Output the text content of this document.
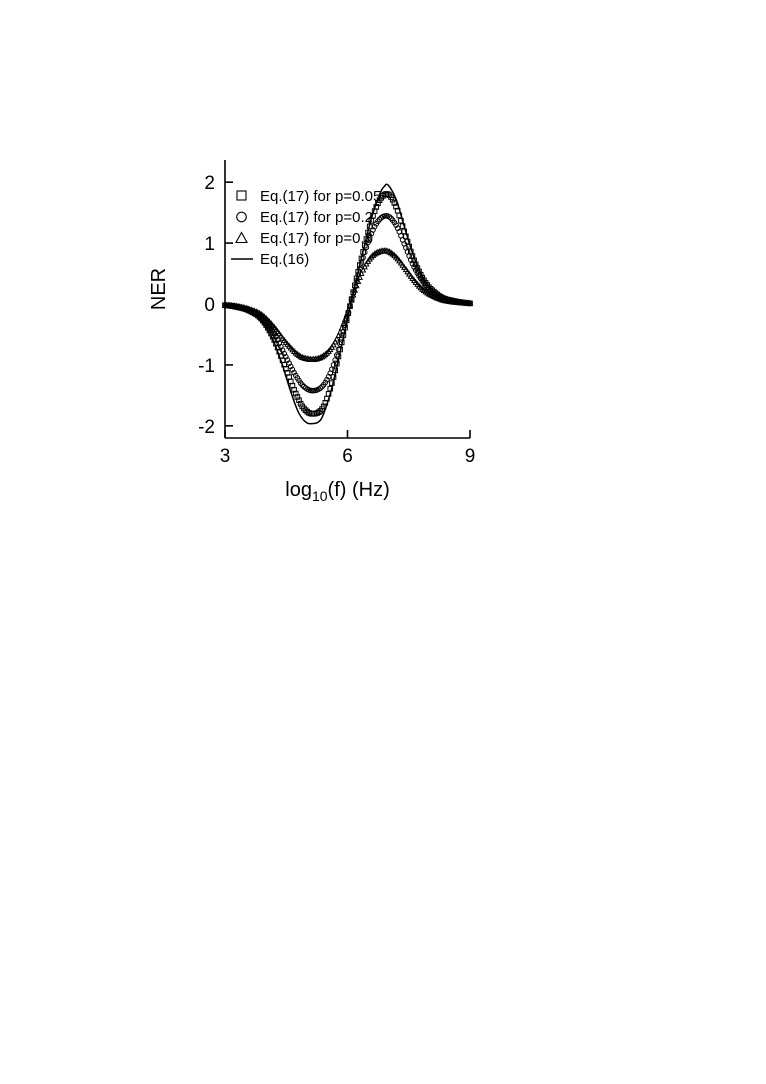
3	6	9
-2
-1
0
1
2
NER
$\log_{10}(f)$ (Hz)
Eq.(17) for p=0.05
Eq.(17) for p=0.2
Eq.(17) for p=0.3
Eq.(16)
